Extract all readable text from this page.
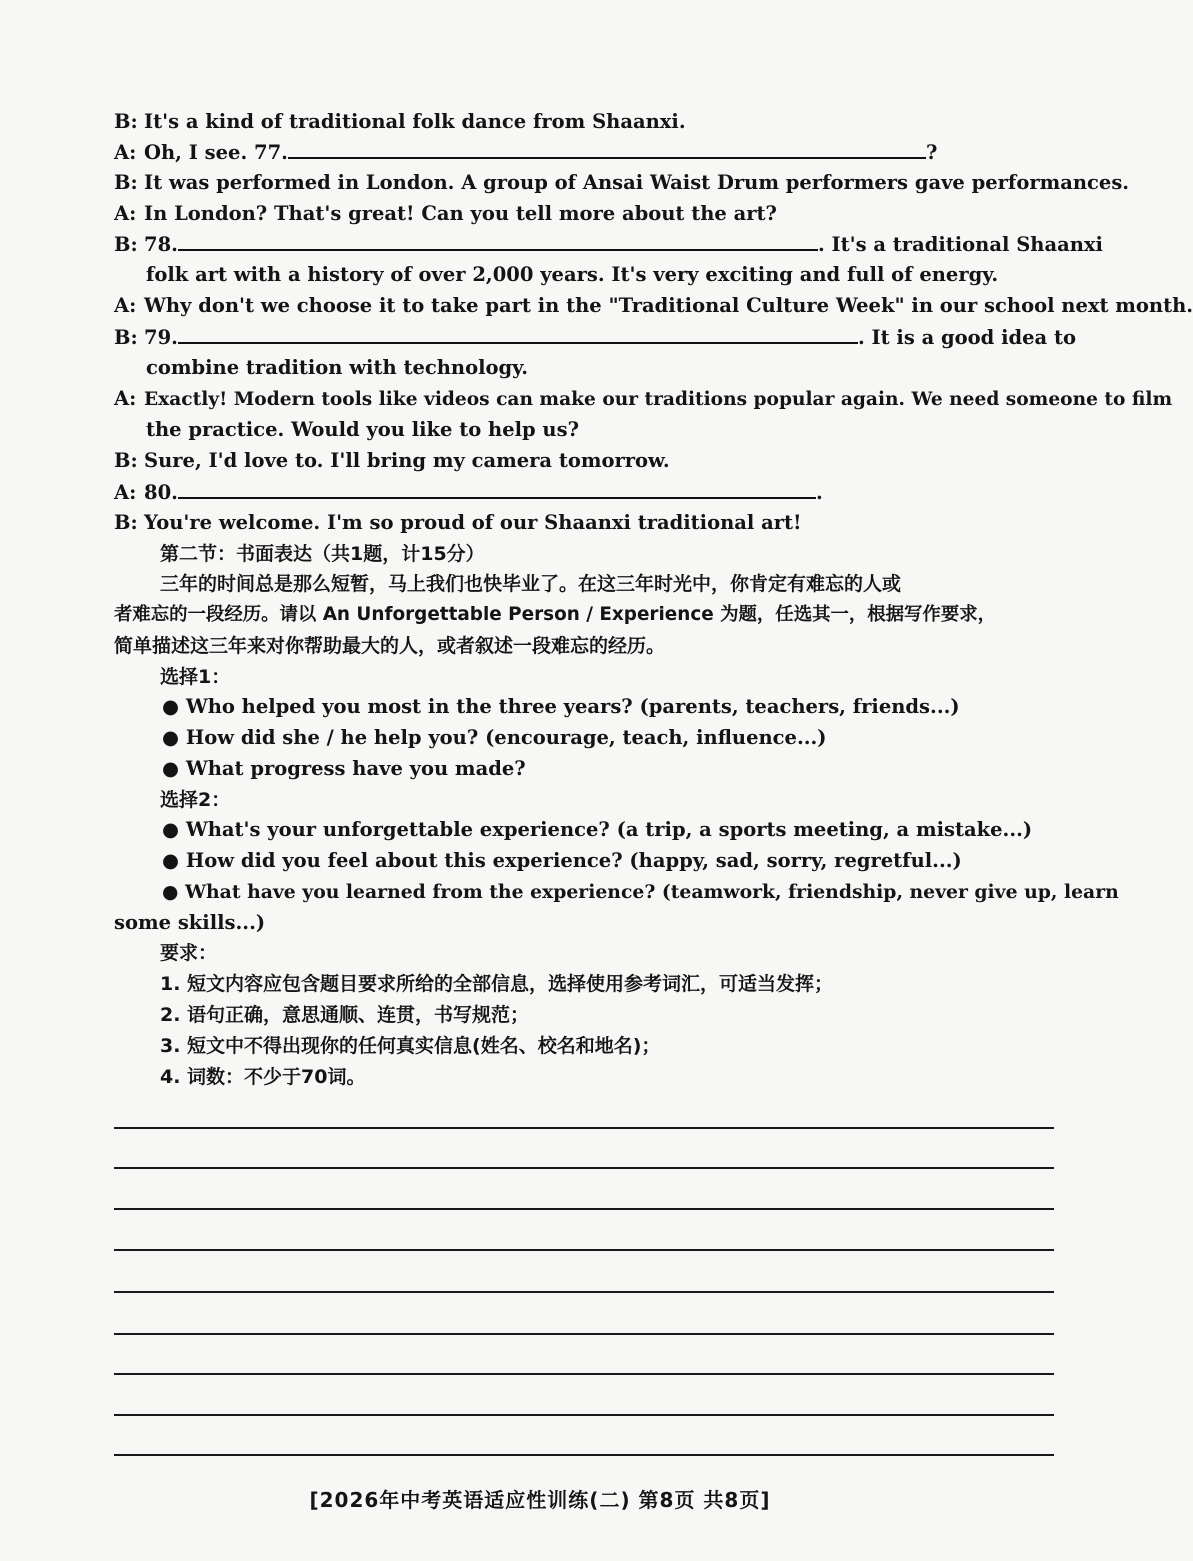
B: It's a kind of traditional folk dance from Shaanxi.
A: Oh, I see. 77.	?
B: It was performed in London. A group of Ansai Waist Drum performers gave performances.
A: In London? That's great! Can you tell more about the art?
B: 78.	. It's a traditional Shaanxi
folk art with a history of over 2,000 years. It's very exciting and full of energy.
A: Why don't we choose it to take part in the "Traditional Culture Week" in our school next month.
B: 79.	. It is a good idea to
combine tradition with technology.
A: Exactly! Modern tools like videos can make our traditions popular again. We need someone to film
the practice. Would you like to help us?
B: Sure, I'd love to. I'll bring my camera tomorrow.
A: 80.	.
B: You're welcome. I'm so proud of our Shaanxi traditional art!
第二节：书面表达（共1题，计15分）
三年的时间总是那么短暂，马上我们也快毕业了。在这三年时光中，你肯定有难忘的人或
者难忘的一段经历。请以 An Unforgettable Person / Experience 为题，任选其一，根据写作要求，
简单描述这三年来对你帮助最大的人，或者叙述一段难忘的经历。
选择1：
● Who helped you most in the three years? (parents, teachers, friends...)
● How did she / he help you? (encourage, teach, influence...)
● What progress have you made?
选择2：
● What's your unforgettable experience? (a trip, a sports meeting, a mistake...)
● How did you feel about this experience? (happy, sad, sorry, regretful...)
● What have you learned from the experience? (teamwork, friendship, never give up, learn
some skills...)
要求：
1. 短文内容应包含题目要求所给的全部信息，选择使用参考词汇，可适当发挥；
2. 语句正确，意思通顺、连贯，书写规范；
3. 短文中不得出现你的任何真实信息(姓名、校名和地名)；
4. 词数：不少于70词。
[2026年中考英语适应性训练(二) 第8页 共8页]
